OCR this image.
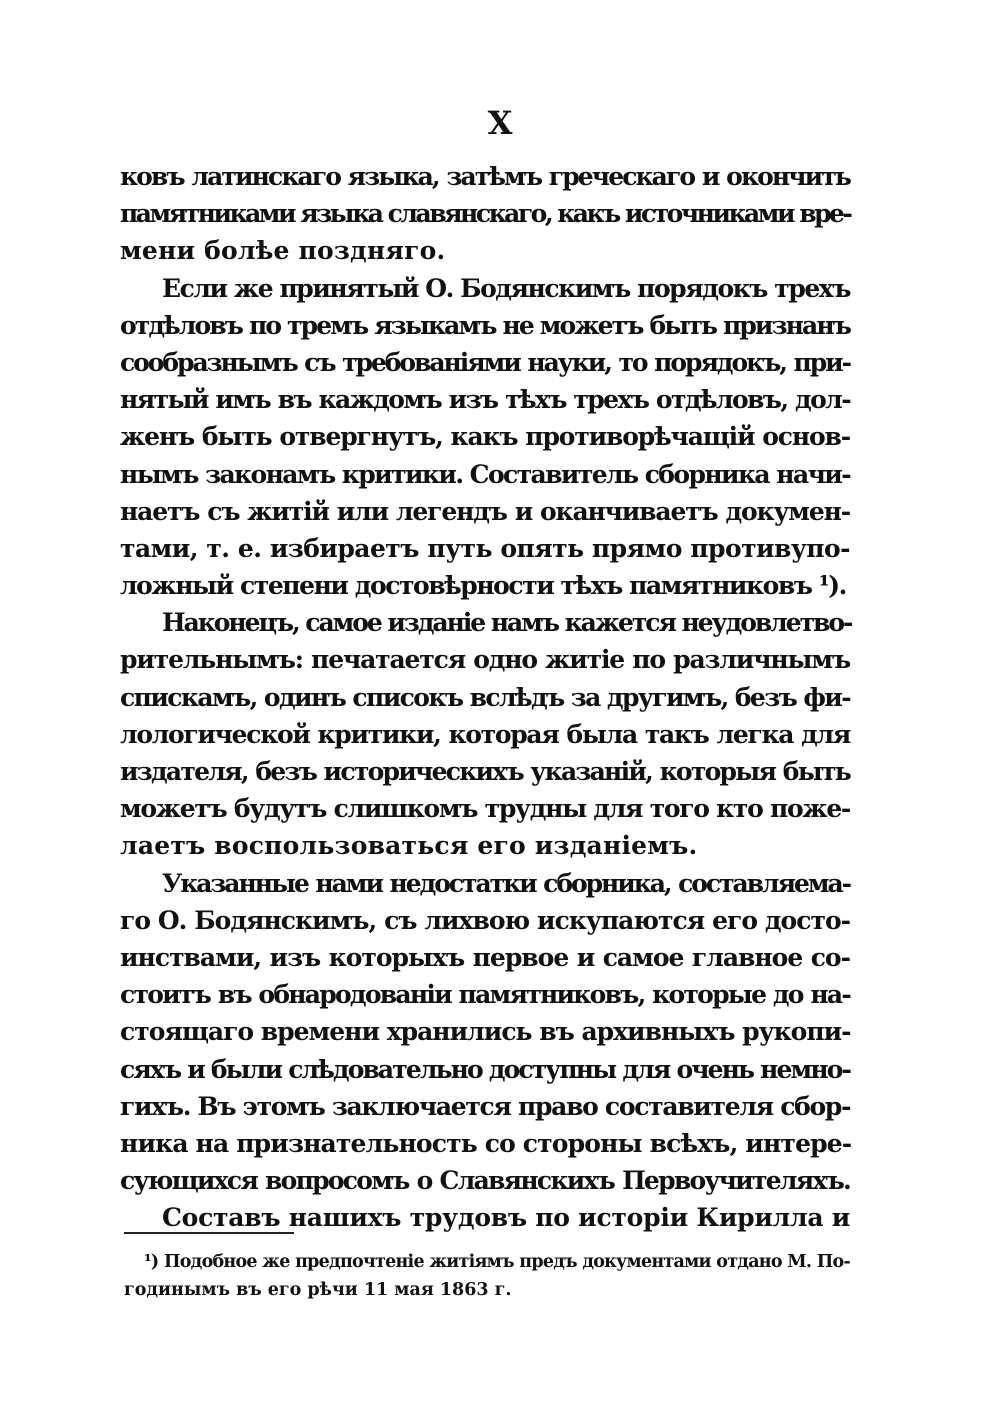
X
ковъ латинскаго языка, затѣмъ греческаго и окончить
памятниками языка славянскаго, какъ источниками вре-
мени болѣе поздняго.
Если же принятый О. Бодянскимъ порядокъ трехъ
отдѣловъ по тремъ языкамъ не можетъ быть признанъ
сообразнымъ съ требованіями науки, то порядокъ, при-
нятый имъ въ каждомъ изъ тѣхъ трехъ отдѣловъ, дол-
женъ быть отвергнутъ, какъ противорѣчащій основ-
нымъ законамъ критики. Составитель сборника начи-
наетъ съ житій или легендъ и оканчиваетъ докумен-
тами, т. е. избираетъ путь опять прямо противупо-
ложный степени достовѣрности тѣхъ памятниковъ ¹).
Наконецъ, самое изданіе намъ кажется неудовлетво-
рительнымъ: печатается одно житіе по различнымъ
спискамъ, одинъ списокъ вслѣдъ за другимъ, безъ фи-
лологической критики, которая была такъ легка для
издателя, безъ историческихъ указаній, которыя быть
можетъ будутъ слишкомъ трудны для того кто поже-
лаетъ воспользоваться его изданіемъ.
Указанные нами недостатки сборника, составляема-
го О. Бодянскимъ, съ лихвою искупаются его досто-
инствами, изъ которыхъ первое и самое главное со-
стоитъ въ обнародованіи памятниковъ, которые до на-
стоящаго времени хранились въ архивныхъ рукопи-
сяхъ и были слѣдовательно доступны для очень немно-
гихъ. Въ этомъ заключается право составителя сбор-
ника на признательность со стороны всѣхъ, интере-
сующихся вопросомъ о Славянскихъ Первоучителяхъ.
Составъ нашихъ трудовъ по исторіи Кирилла и
¹) Подобное же предпочтеніе житіямъ предъ документами отдано М. По-
годинымъ въ его рѣчи 11 мая 1863 г.
